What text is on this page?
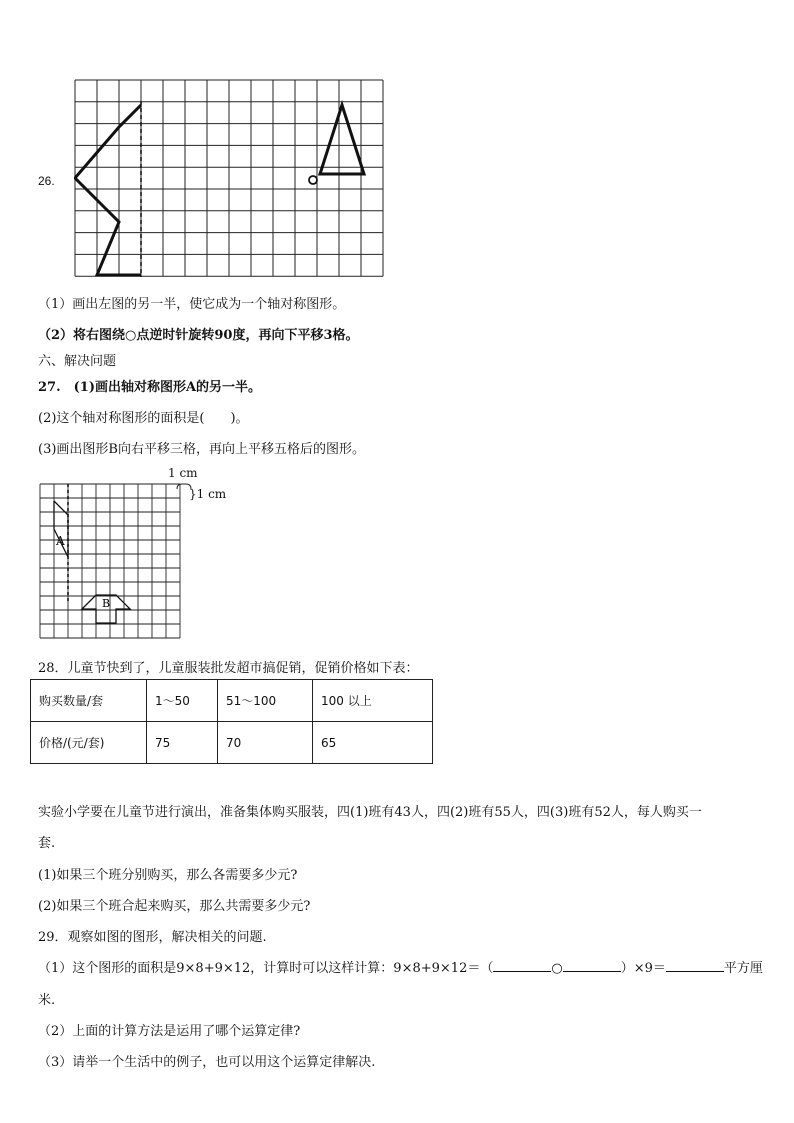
26.
（1）画出左图的另一半，使它成为一个轴对称图形。
（2）将右图绕○点逆时针旋转90度，再向下平移3格。
六、解决问题
27.　(1)画出轴对称图形A的另一半。
(2)这个轴对称图形的面积是(　　)。
(3)画出图形B向右平移三格，再向上平移五格后的图形。
1 cm
}1 cm
A
B
28．儿童节快到了，儿童服装批发超市搞促销，促销价格如下表：
购买数量/套	1～50	51～100	100 以上
价格/(元/套)	75	70	65
实验小学要在儿童节进行演出，准备集体购买服装，四(1)班有43人，四(2)班有55人，四(3)班有52人，每人购买一
套.
(1)如果三个班分别购买，那么各需要多少元?
(2)如果三个班合起来购买，那么共需要多少元?
29．观察如图的图形，解决相关的问题.
（1）这个图形的面积是9×8+9×12，计算时可以这样计算：9×8+9×12＝（	○	）×9＝	平方厘
米.
（2）上面的计算方法是运用了哪个运算定律?
（3）请举一个生活中的例子，也可以用这个运算定律解决.
